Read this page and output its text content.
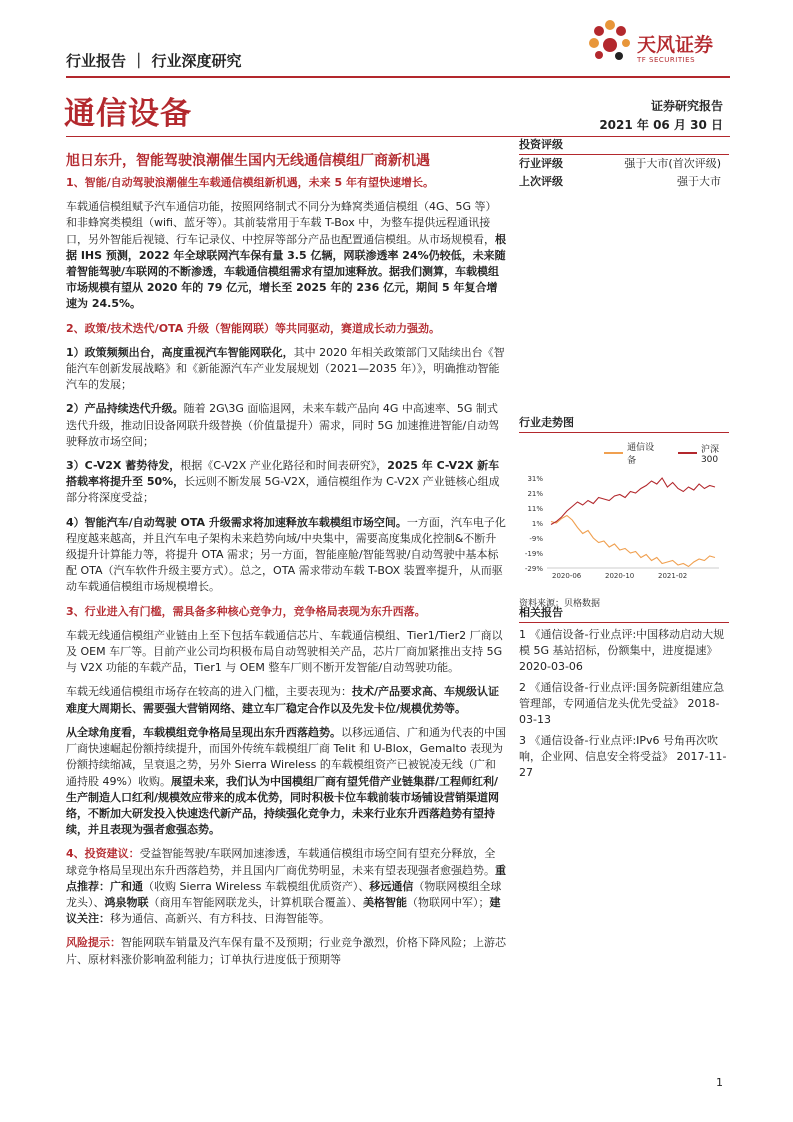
天风证券
TF SECURITIES
行业报告 ｜ 行业深度研究
通信设备	证券研究报告
2021 年 06 月 30 日
旭日东升，智能驾驶浪潮催生国内无线通信模组厂商新机遇

1、智能/自动驾驶浪潮催生车载通信模组新机遇，未来 5 年有望快速增长。

车载通信模组赋予汽车通信功能，按照网络制式不同分为蜂窝类通信模组（4G、5G 等）和非蜂窝类模组（wifi、蓝牙等）。其前装常用于车载 T-Box 中，为整车提供远程通讯接口，另外智能后视镜、行车记录仪、中控屏等部分产品也配置通信模组。从市场规模看，根据 IHS 预测，2022 年全球联网汽车保有量 3.5 亿辆，网联渗透率 24%仍较低，未来随着智能驾驶/车联网的不断渗透，车载通信模组需求有望加速释放。据我们测算，车载模组市场规模有望从 2020 年的 79 亿元，增长至 2025 年的 236 亿元，期间 5 年复合增速为 24.5%。

2、政策/技术迭代/OTA 升级（智能网联）等共同驱动，赛道成长动力强劲。

1）政策频频出台，高度重视汽车智能网联化，其中 2020 年相关政策部门又陆续出台《智能汽车创新发展战略》和《新能源汽车产业发展规划（2021—2035 年）》，明确推动智能汽车的发展；

2）产品持续迭代升级。随着 2G\3G 面临退网，未来车载产品向 4G 中高速率、5G 制式迭代升级，推动旧设备网联升级替换（价值量提升）需求，同时 5G 加速推进智能/自动驾驶释放市场空间；

3）C-V2X 蓄势待发，根据《C-V2X 产业化路径和时间表研究》，2025 年 C-V2X 新车搭载率将提升至 50%，长远则不断发展 5G-V2X，通信模组作为 C-V2X 产业链核心组成部分将深度受益；

4）智能汽车/自动驾驶 OTA 升级需求将加速释放车载模组市场空间。一方面，汽车电子化程度越来越高，并且汽车电子架构未来趋势向域/中央集中，需要高度集成化控制&不断升级提升计算能力等，将提升 OTA 需求；另一方面，智能座舱/智能驾驶/自动驾驶中基本标配 OTA（汽车软件升级主要方式）。总之，OTA 需求带动车载 T-BOX 装置率提升，从而驱动车载通信模组市场规模增长。

3、行业进入有门槛，需具备多种核心竞争力，竞争格局表现为东升西落。

车载无线通信模组产业链由上至下包括车载通信芯片、车载通信模组、Tier1/Tier2 厂商以及 OEM 车厂等。目前产业公司均积极布局自动驾驶相关产品，芯片厂商加紧推出支持 5G 与 V2X 功能的车载产品，Tier1 与 OEM 整车厂则不断开发智能/自动驾驶功能。

车载无线通信模组市场存在较高的进入门槛，主要表现为：技术/产品要求高、车规级认证难度大周期长、需要强大营销网络、建立车厂稳定合作以及先发卡位/规模优势等。

从全球角度看，车载模组竞争格局呈现出东升西落趋势。以移远通信、广和通为代表的中国厂商快速崛起份额持续提升，而国外传统车载模组厂商 Telit 和 U-Blox，Gemalto 表现为份额持续缩减，呈衰退之势，另外 Sierra Wireless 的车载模组资产已被锐凌无线（广和通持股 49%）收购。展望未来，我们认为中国模组厂商有望凭借产业链集群/工程师红利/生产制造人口红利/规模效应带来的成本优势，同时积极卡位车载前装市场铺设营销渠道网络，不断加大研发投入快速迭代新产品，持续强化竞争力，未来行业东升西落趋势有望持续，并且表现为强者愈强态势。

4、投资建议：受益智能驾驶/车联网加速渗透，车载通信模组市场空间有望充分释放，全球竞争格局呈现出东升西落趋势，并且国内厂商优势明显，未来有望表现强者愈强趋势。重点推荐：广和通（收购 Sierra Wireless 车载模组优质资产）、移远通信（物联网模组全球龙头）、鸿泉物联（商用车智能网联龙头，计算机联合覆盖）、美格智能（物联网中军）；建议关注：移为通信、高新兴、有方科技、日海智能等。

风险提示：智能网联车销量及汽车保有量不及预期；行业竞争激烈，价格下降风险；上游芯片、原材料涨价影响盈利能力；订单执行进度低于预期等

投资评级
行业评级	强于大市(首次评级)
上次评级	强于大市
行业走势图
通信设备
沪深300
31%
21%
11%
1%
-9%
-19%
-29%
2020-06	2020-10	2021-02
资料来源：贝格数据
相关报告
1 《通信设备-行业点评:中国移动启动大规模 5G 基站招标，份额集中，进度提速》 2020-03-06
2 《通信设备-行业点评:国务院新组建应急管理部，专网通信龙头优先受益》 2018-03-13
3 《通信设备-行业点评:IPv6 号角再次吹响，企业网、信息安全将受益》 2017-11-27
1
